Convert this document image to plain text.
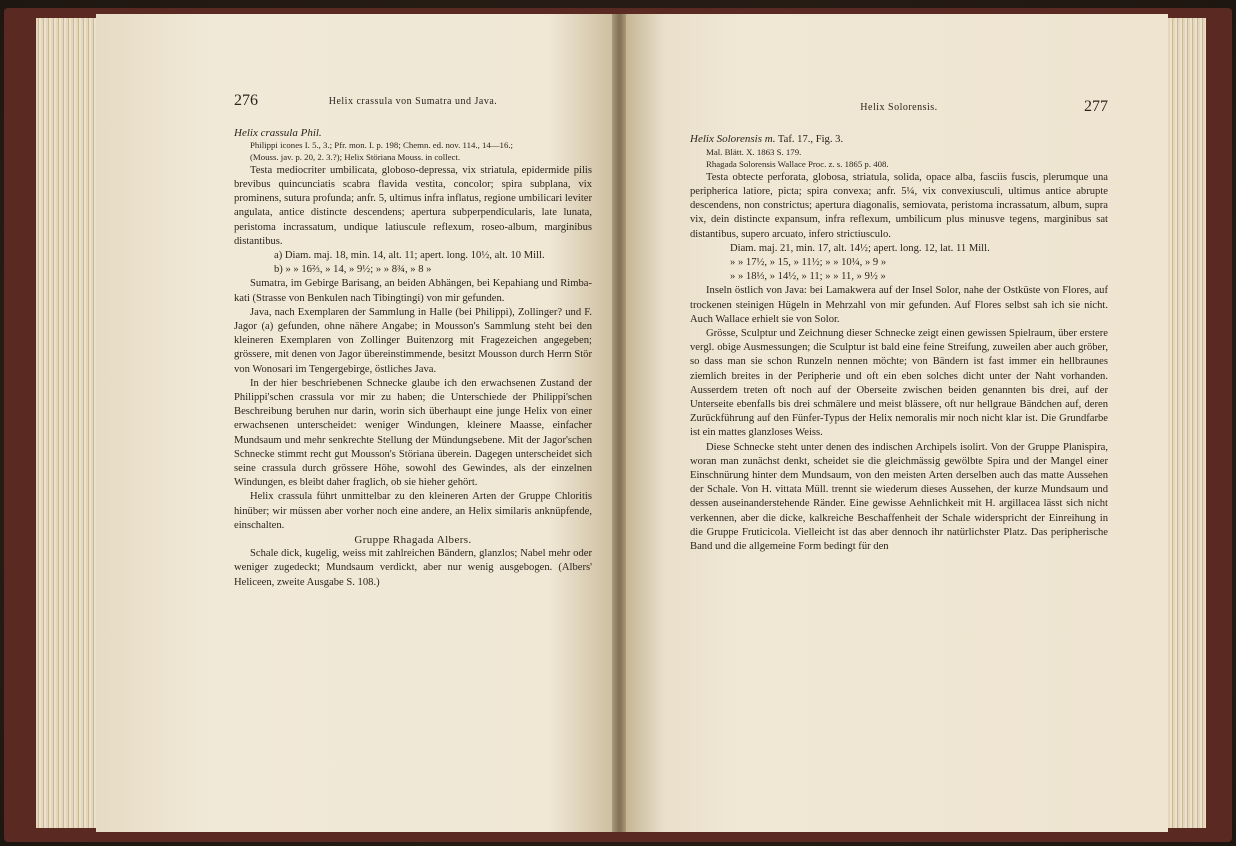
276	Helix crassula von Sumatra und Java.

Helix crassula Phil.

Philippi icones I. 5., 3.; Pfr. mon. I. p. 198; Chemn. ed. nov. 114., 14—16.;

(Mouss. jav. p. 20, 2. 3.?); Helix Störiana Mouss. in collect.

Testa mediocriter umbilicata, globoso-depressa, vix striatula, epidermide pilis brevibus quincunciatis scabra flavida vestita, concolor; spira subplana, vix prominens, sutura profunda; anfr. 5, ultimus infra inflatus, regione umbilicari leviter angulata, antice distincte descendens; apertura subperpendicularis, late lunata, peristoma incrassatum, undique latiuscule reflexum, roseo-album, marginibus distantibus.

a) Diam. maj. 18, min. 14, alt. 11; apert. long. 10½, alt. 10 Mill.

b) » » 16⅔, » 14, » 9½; » » 8¾, » 8 »

Sumatra, im Gebirge Barisang, an beiden Abhängen, bei Kepahiang und Rimba-kati (Strasse von Benkulen nach Tibingtingi) von mir gefunden.

Java, nach Exemplaren der Sammlung in Halle (bei Philippi), Zollinger? und F. Jagor (a) gefunden, ohne nähere Angabe; in Mousson's Sammlung steht bei den kleineren Exemplaren von Zollinger Buitenzorg mit Fragezeichen angegeben; grössere, mit denen von Jagor übereinstimmende, besitzt Mousson durch Herrn Stör von Wonosari im Tengergebirge, östliches Java.

In der hier beschriebenen Schnecke glaube ich den erwachsenen Zustand der Philippi'schen crassula vor mir zu haben; die Unterschiede der Philippi'schen Beschreibung beruhen nur darin, worin sich überhaupt eine junge Helix von einer erwachsenen unterscheidet: weniger Windungen, kleinere Maasse, einfacher Mundsaum und mehr senkrechte Stellung der Mündungsebene. Mit der Jagor'schen Schnecke stimmt recht gut Mousson's Störiana überein. Dagegen unterscheidet sich seine crassula durch grössere Höhe, sowohl des Gewindes, als der einzelnen Windungen, es bleibt daher fraglich, ob sie hieher gehört.

Helix crassula führt unmittelbar zu den kleineren Arten der Gruppe Chloritis hinüber; wir müssen aber vorher noch eine andere, an Helix similaris anknüpfende, einschalten.

Gruppe Rhagada Albers.

Schale dick, kugelig, weiss mit zahlreichen Bändern, glanzlos; Nabel mehr oder weniger zugedeckt; Mundsaum verdickt, aber nur wenig ausgebogen. (Albers' Heliceen, zweite Ausgabe S. 108.)

Helix Solorensis.	277

Helix Solorensis m. Taf. 17., Fig. 3.

Mal. Blätt. X. 1863 S. 179.

Rhagada Solorensis Wallace Proc. z. s. 1865 p. 408.

Testa obtecte perforata, globosa, striatula, solida, opace alba, fasciis fuscis, plerumque una peripherica latiore, picta; spira convexa; anfr. 5¼, vix convexiusculi, ultimus antice abrupte descendens, non constrictus; apertura diagonalis, semiovata, peristoma incrassatum, album, supra vix, dein distincte expansum, infra reflexum, umbilicum plus minusve tegens, marginibus sat distantibus, supero arcuato, infero strictiusculo.

Diam. maj. 21, min. 17, alt. 14½; apert. long. 12, lat. 11 Mill.

» » 17½, » 15, » 11½; » » 10¼, » 9 »

» » 18⅓, » 14½, » 11; » » 11, » 9½ »

Inseln östlich von Java: bei Lamakwera auf der Insel Solor, nahe der Ostküste von Flores, auf trockenen steinigen Hügeln in Mehrzahl von mir gefunden. Auf Flores selbst sah ich sie nicht. Auch Wallace erhielt sie von Solor.

Grösse, Sculptur und Zeichnung dieser Schnecke zeigt einen gewissen Spielraum, über erstere vergl. obige Ausmessungen; die Sculptur ist bald eine feine Streifung, zuweilen aber auch gröber, so dass man sie schon Runzeln nennen möchte; von Bändern ist fast immer ein hellbraunes ziemlich breites in der Peripherie und oft ein eben solches dicht unter der Naht vorhanden. Ausserdem treten oft noch auf der Oberseite zwischen beiden genannten bis drei, auf der Unterseite ebenfalls bis drei schmälere und meist blässere, oft nur hellgraue Bändchen auf, deren Zurückführung auf den Fünfer-Typus der Helix nemoralis mir noch nicht klar ist. Die Grundfarbe ist ein mattes glanzloses Weiss.

Diese Schnecke steht unter denen des indischen Archipels isolirt. Von der Gruppe Planispira, woran man zunächst denkt, scheidet sie die gleichmässig gewölbte Spira und der Mangel einer Einschnürung hinter dem Mundsaum, von den meisten Arten derselben auch das matte Aussehen der Schale. Von H. vittata Müll. trennt sie wiederum dieses Aussehen, der kurze Mundsaum und dessen auseinanderstehende Ränder. Eine gewisse Aehnlichkeit mit H. argillacea lässt sich nicht verkennen, aber die dicke, kalkreiche Beschaffenheit der Schale widerspricht der Einreihung in die Gruppe Fruticicola. Vielleicht ist das aber dennoch ihr natürlichster Platz. Das peripherische Band und die allgemeine Form bedingt für den
